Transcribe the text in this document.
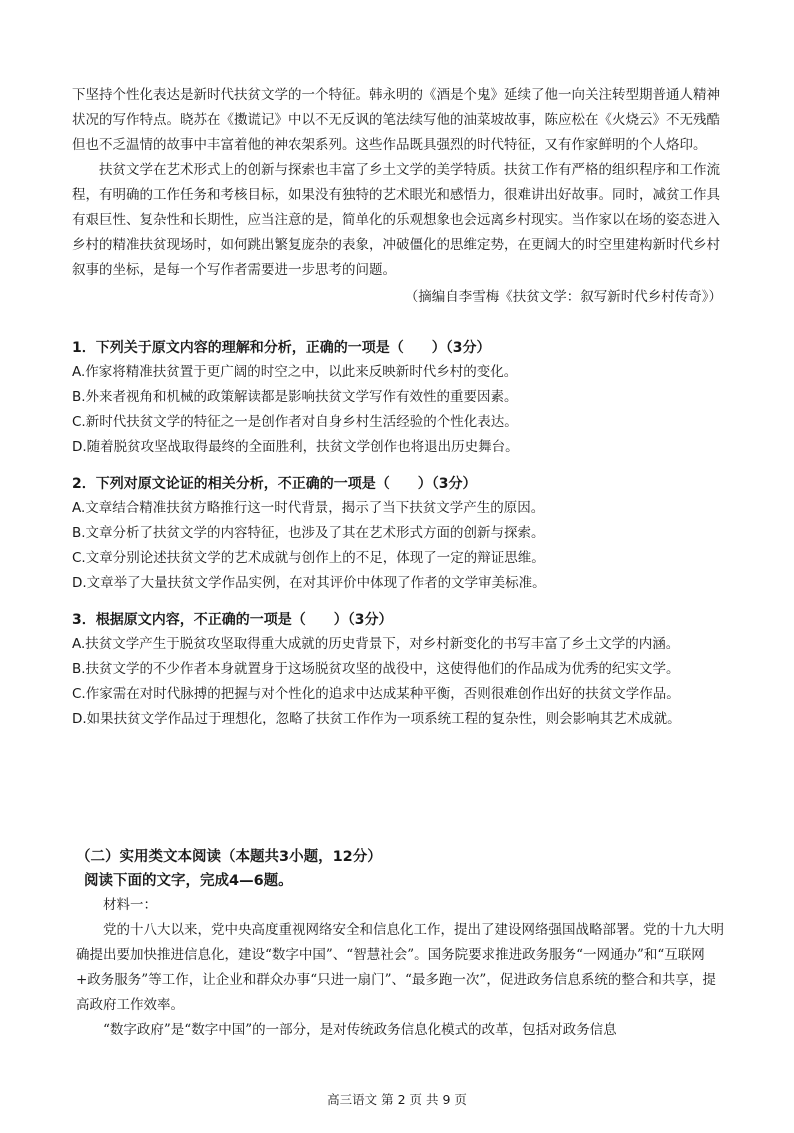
下坚持个性化表达是新时代扶贫文学的一个特征。韩永明的《酒是个鬼》延续了他一向关注转型期普通人精神状况的写作特点。晓苏在《擞谎记》中以不无反讽的笔法续写他的油菜坡故事，陈应松在《火烧云》不无残酷但也不乏温情的故事中丰富着他的神农架系列。这些作品既具强烈的时代特征，又有作家鲜明的个人烙印。

扶贫文学在艺术形式上的创新与探索也丰富了乡土文学的美学特质。扶贫工作有严格的组织程序和工作流程，有明确的工作任务和考核目标，如果没有独特的艺术眼光和感悟力，很难讲出好故事。同时，减贫工作具有艰巨性、复杂性和长期性，应当注意的是，简单化的乐观想象也会远离乡村现实。当作家以在场的姿态进入乡村的精准扶贫现场时，如何跳出繁复庞杂的表象，冲破僵化的思维定势，在更阔大的时空里建构新时代乡村叙事的坐标，是每一个写作者需要进一步思考的问题。

（摘编自李雪梅《扶贫文学：叙写新时代乡村传奇》）

1．下列关于原文内容的理解和分析，正确的一项是（　　）（3分）

A.作家将精准扶贫置于更广阔的时空之中，以此来反映新时代乡村的变化。

B.外来者视角和机械的政策解读都是影响扶贫文学写作有效性的重要因素。

C.新时代扶贫文学的特征之一是创作者对自身乡村生活经验的个性化表达。

D.随着脱贫攻坚战取得最终的全面胜利，扶贫文学创作也将退出历史舞台。

2．下列对原文论证的相关分析，不正确的一项是（　　）（3分）

A.文章结合精准扶贫方略推行这一时代背景，揭示了当下扶贫文学产生的原因。

B.文章分析了扶贫文学的内容特征，也涉及了其在艺术形式方面的创新与探索。

C.文章分别论述扶贫文学的艺术成就与创作上的不足，体现了一定的辩证思维。

D.文章举了大量扶贫文学作品实例，在对其评价中体现了作者的文学审美标准。

3．根据原文内容，不正确的一项是（　　）（3分）

A.扶贫文学产生于脱贫攻坚取得重大成就的历史背景下，对乡村新变化的书写丰富了乡土文学的内涵。

B.扶贫文学的不少作者本身就置身于这场脱贫攻坚的战役中，这使得他们的作品成为优秀的纪实文学。

C.作家需在对时代脉搏的把握与对个性化的追求中达成某种平衡，否则很难创作出好的扶贫文学作品。

D.如果扶贫文学作品过于理想化，忽略了扶贫工作作为一项系统工程的复杂性，则会影响其艺术成就。

（二）实用类文本阅读（本题共3小题，12分）

阅读下面的文字，完成4—6题。

材料一：

党的十八大以来，党中央高度重视网络安全和信息化工作，提出了建设网络强国战略部署。党的十九大明确提出要加快推进信息化，建设“数字中国”、“智慧社会”。国务院要求推进政务服务“一网通办”和“互联网+政务服务”等工作，让企业和群众办事“只进一扇门”、“最多跑一次”，促进政务信息系统的整合和共享，提高政府工作效率。

“数字政府”是“数字中国”的一部分，是对传统政务信息化模式的改革，包括对政务信息

高三语文 第 2 页 共 9 页
